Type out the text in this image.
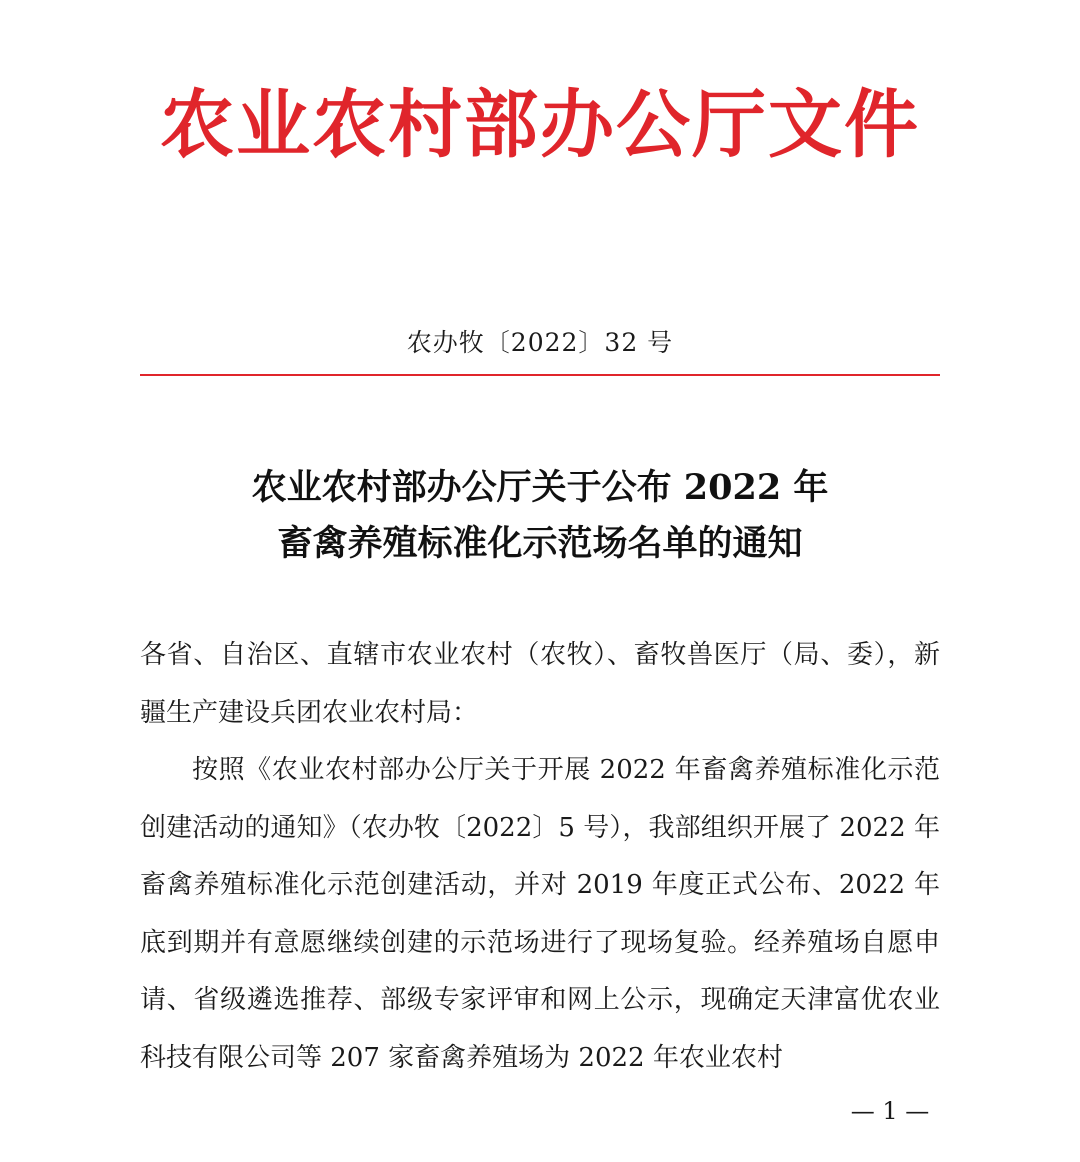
农业农村部办公厅文件
农办牧〔2022〕32 号
农业农村部办公厅关于公布 2022 年
畜禽养殖标准化示范场名单的通知

各省、自治区、直辖市农业农村（农牧）、畜牧兽医厅（局、委），新疆生产建设兵团农业农村局：

按照《农业农村部办公厅关于开展 2022 年畜禽养殖标准化示范创建活动的通知》（农办牧〔2022〕5 号），我部组织开展了 2022 年畜禽养殖标准化示范创建活动，并对 2019 年度正式公布、2022 年底到期并有意愿继续创建的示范场进行了现场复验。经养殖场自愿申请、省级遴选推荐、部级专家评审和网上公示，现确定天津富优农业科技有限公司等 207 家畜禽养殖场为 2022 年农业农村

— 1 —
